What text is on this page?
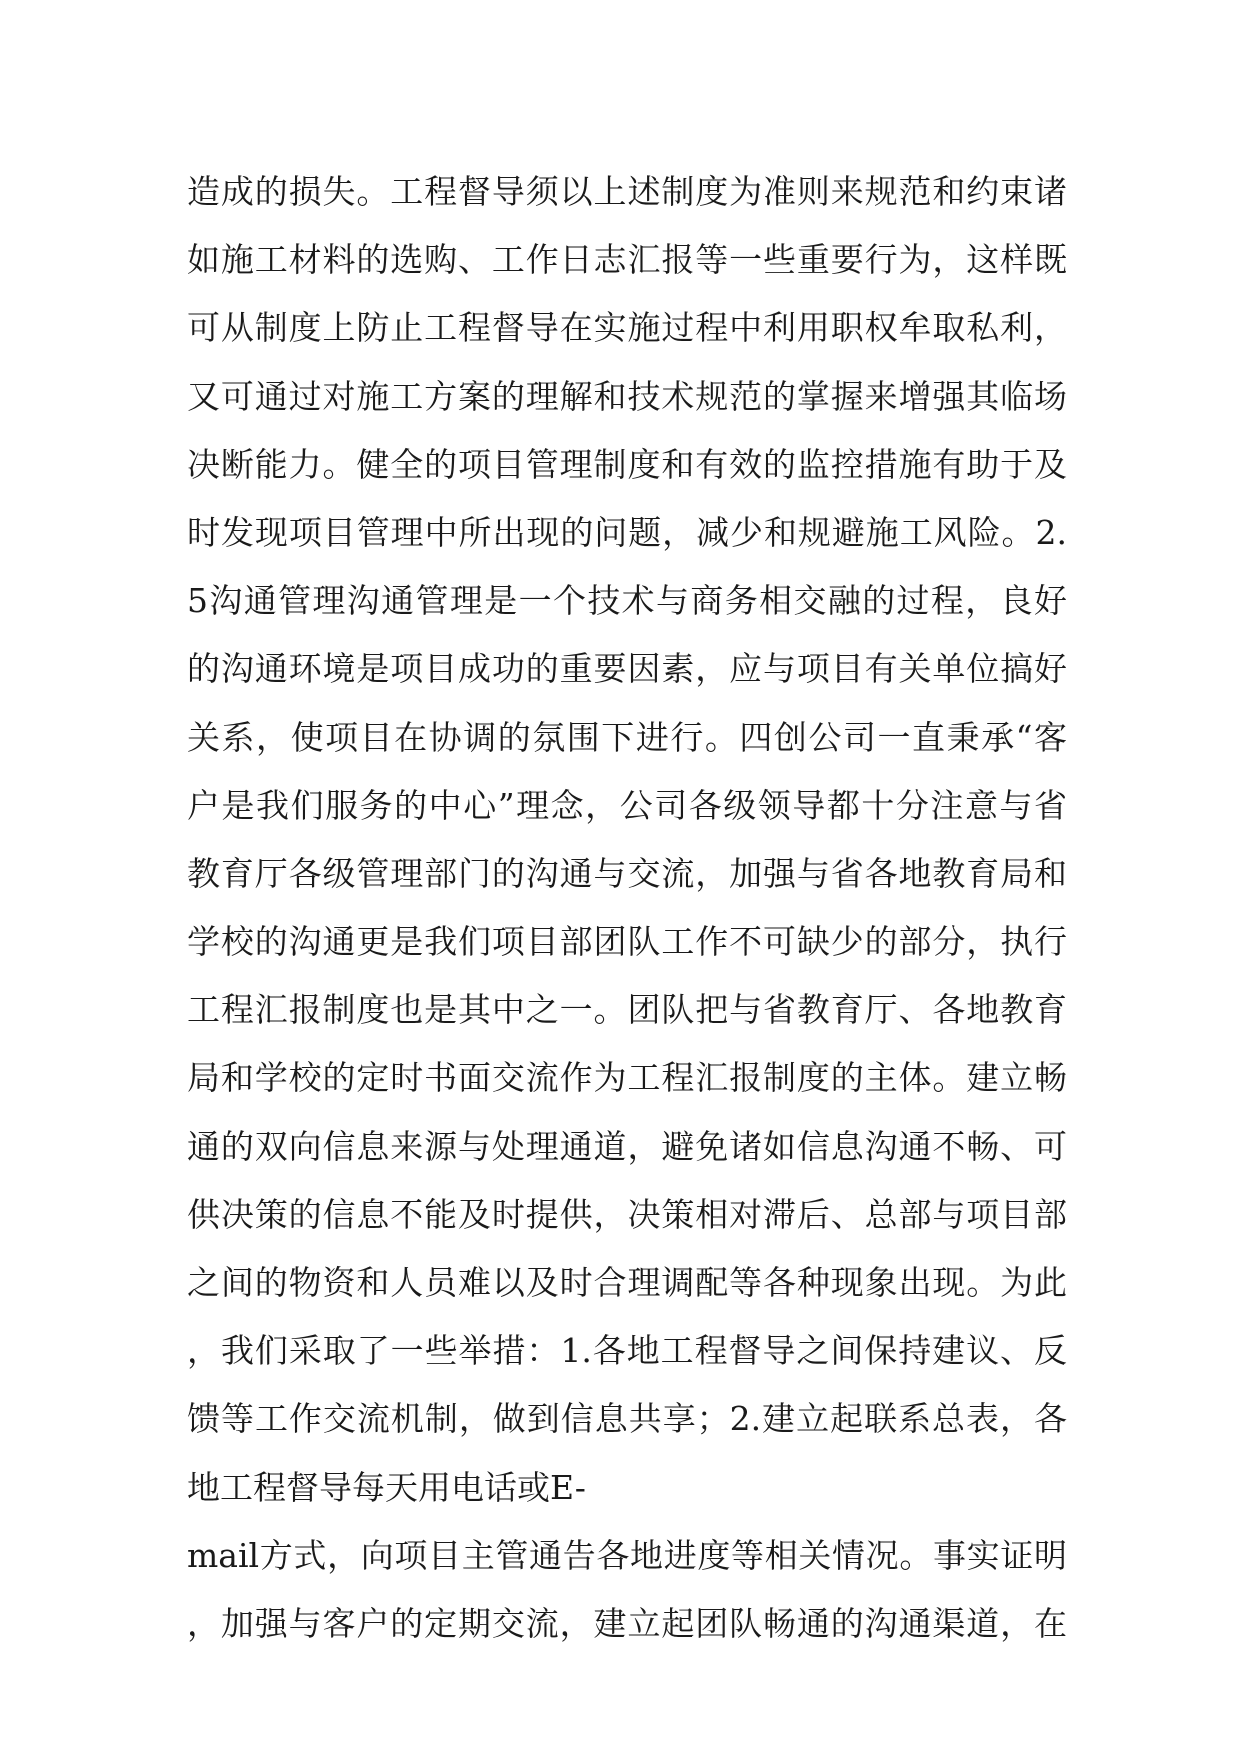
造成的损失。工程督导须以上述制度为准则来规范和约束诸
如施工材料的选购、工作日志汇报等一些重要行为，这样既
可从制度上防止工程督导在实施过程中利用职权牟取私利，
又可通过对施工方案的理解和技术规范的掌握来增强其临场
决断能力。健全的项目管理制度和有效的监控措施有助于及
时发现项目管理中所出现的问题，减少和规避施工风险。2.
5沟通管理沟通管理是一个技术与商务相交融的过程，良好
的沟通环境是项目成功的重要因素，应与项目有关单位搞好
关系，使项目在协调的氛围下进行。四创公司一直秉承“客
户是我们服务的中心”理念，公司各级领导都十分注意与省
教育厅各级管理部门的沟通与交流，加强与省各地教育局和
学校的沟通更是我们项目部团队工作不可缺少的部分，执行
工程汇报制度也是其中之一。团队把与省教育厅、各地教育
局和学校的定时书面交流作为工程汇报制度的主体。建立畅
通的双向信息来源与处理通道，避免诸如信息沟通不畅、可
供决策的信息不能及时提供，决策相对滞后、总部与项目部
之间的物资和人员难以及时合理调配等各种现象出现。为此
，我们采取了一些举措：1.各地工程督导之间保持建议、反
馈等工作交流机制，做到信息共享；2.建立起联系总表，各
地工程督导每天用电话或E-
mail方式，向项目主管通告各地进度等相关情况。事实证明
，加强与客户的定期交流，建立起团队畅通的沟通渠道，在
